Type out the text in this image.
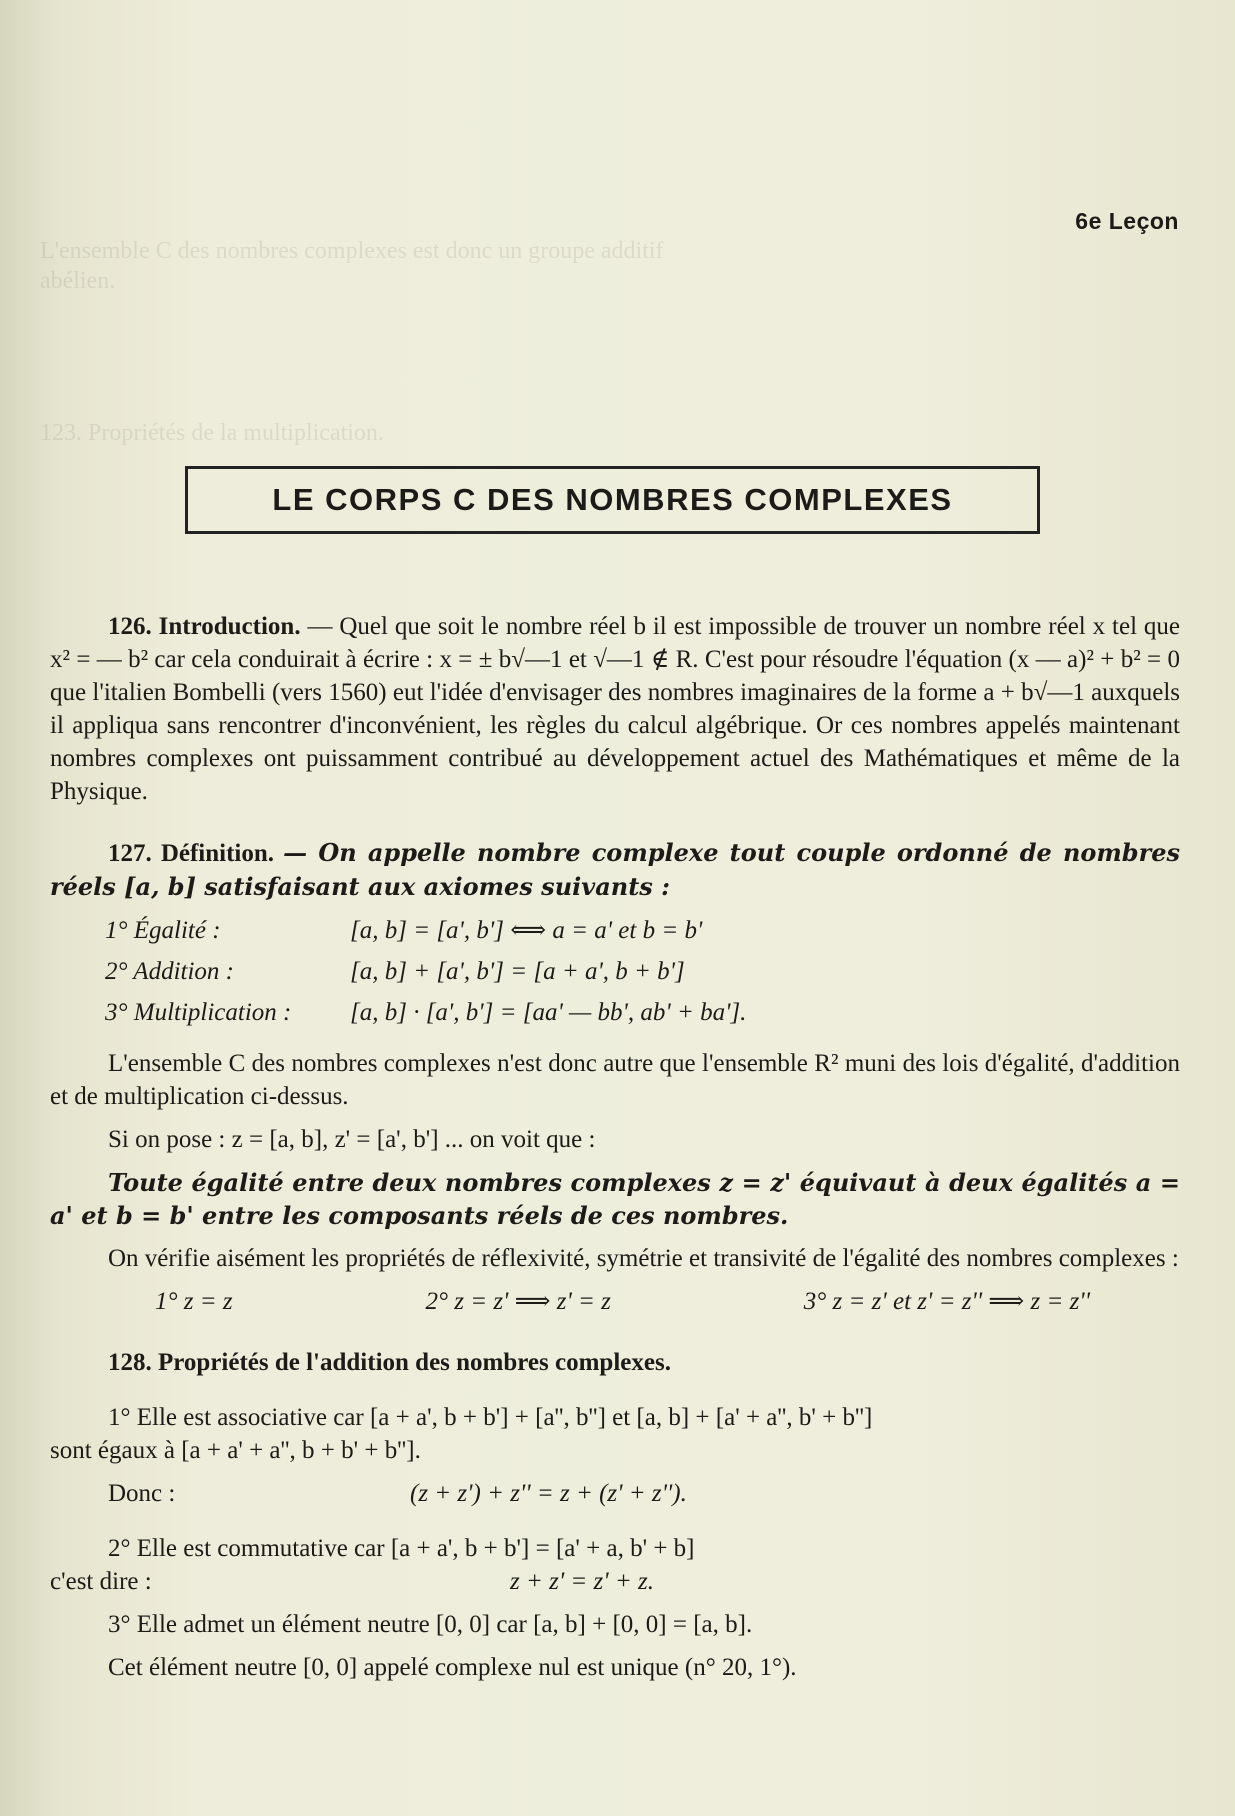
L'ensemble C des nombres complexes est donc un groupe additif
abélien.
123. Propriétés de la multiplication.
6e Leçon
LE CORPS C DES NOMBRES COMPLEXES

126. Introduction. — Quel que soit le nombre réel b il est impossible de trouver un nombre réel x tel que x² = — b² car cela conduirait à écrire : x = ± b√—1 et √—1 ∉ R. C'est pour résoudre l'équation (x — a)² + b² = 0 que l'italien Bombelli (vers 1560) eut l'idée d'envisager des nombres imaginaires de la forme a + b√—1 auxquels il appliqua sans rencontrer d'inconvénient, les règles du calcul algébrique. Or ces nombres appelés maintenant nombres complexes ont puissamment contribué au développement actuel des Mathématiques et même de la Physique.

127. Définition. — On appelle nombre complexe tout couple ordonné de nombres réels [a, b] satisfaisant aux axiomes suivants :

1° Égalité :	[a, b] = [a', b'] ⟺ a = a' et b = b'
2° Addition :	[a, b] + [a', b'] = [a + a', b + b']
3° Multiplication :	[a, b] · [a', b'] = [aa' — bb', ab' + ba'].

L'ensemble C des nombres complexes n'est donc autre que l'ensemble R² muni des lois d'égalité, d'addition et de multiplication ci-dessus.

Si on pose : z = [a, b], z' = [a', b'] ... on voit que :

Toute égalité entre deux nombres complexes z = z' équivaut à deux égalités a = a' et b = b' entre les composants réels de ces nombres.

On vérifie aisément les propriétés de réflexivité, symétrie et transivité de l'égalité des nombres complexes :

1° z = z	2° z = z' ⟹ z' = z	3° z = z' et z' = z'' ⟹ z = z''

128. Propriétés de l'addition des nombres complexes.

1° Elle est associative car [a + a', b + b'] + [a'', b''] et [a, b] + [a' + a'', b' + b'']

sont égaux à [a + a' + a'', b + b' + b''].

Donc :	(z + z') + z'' = z + (z' + z'').

2° Elle est commutative car [a + a', b + b'] = [a' + a, b' + b]

c'est dire :	z + z' = z' + z.

3° Elle admet un élément neutre [0, 0] car [a, b] + [0, 0] = [a, b].

Cet élément neutre [0, 0] appelé complexe nul est unique (n° 20, 1°).
